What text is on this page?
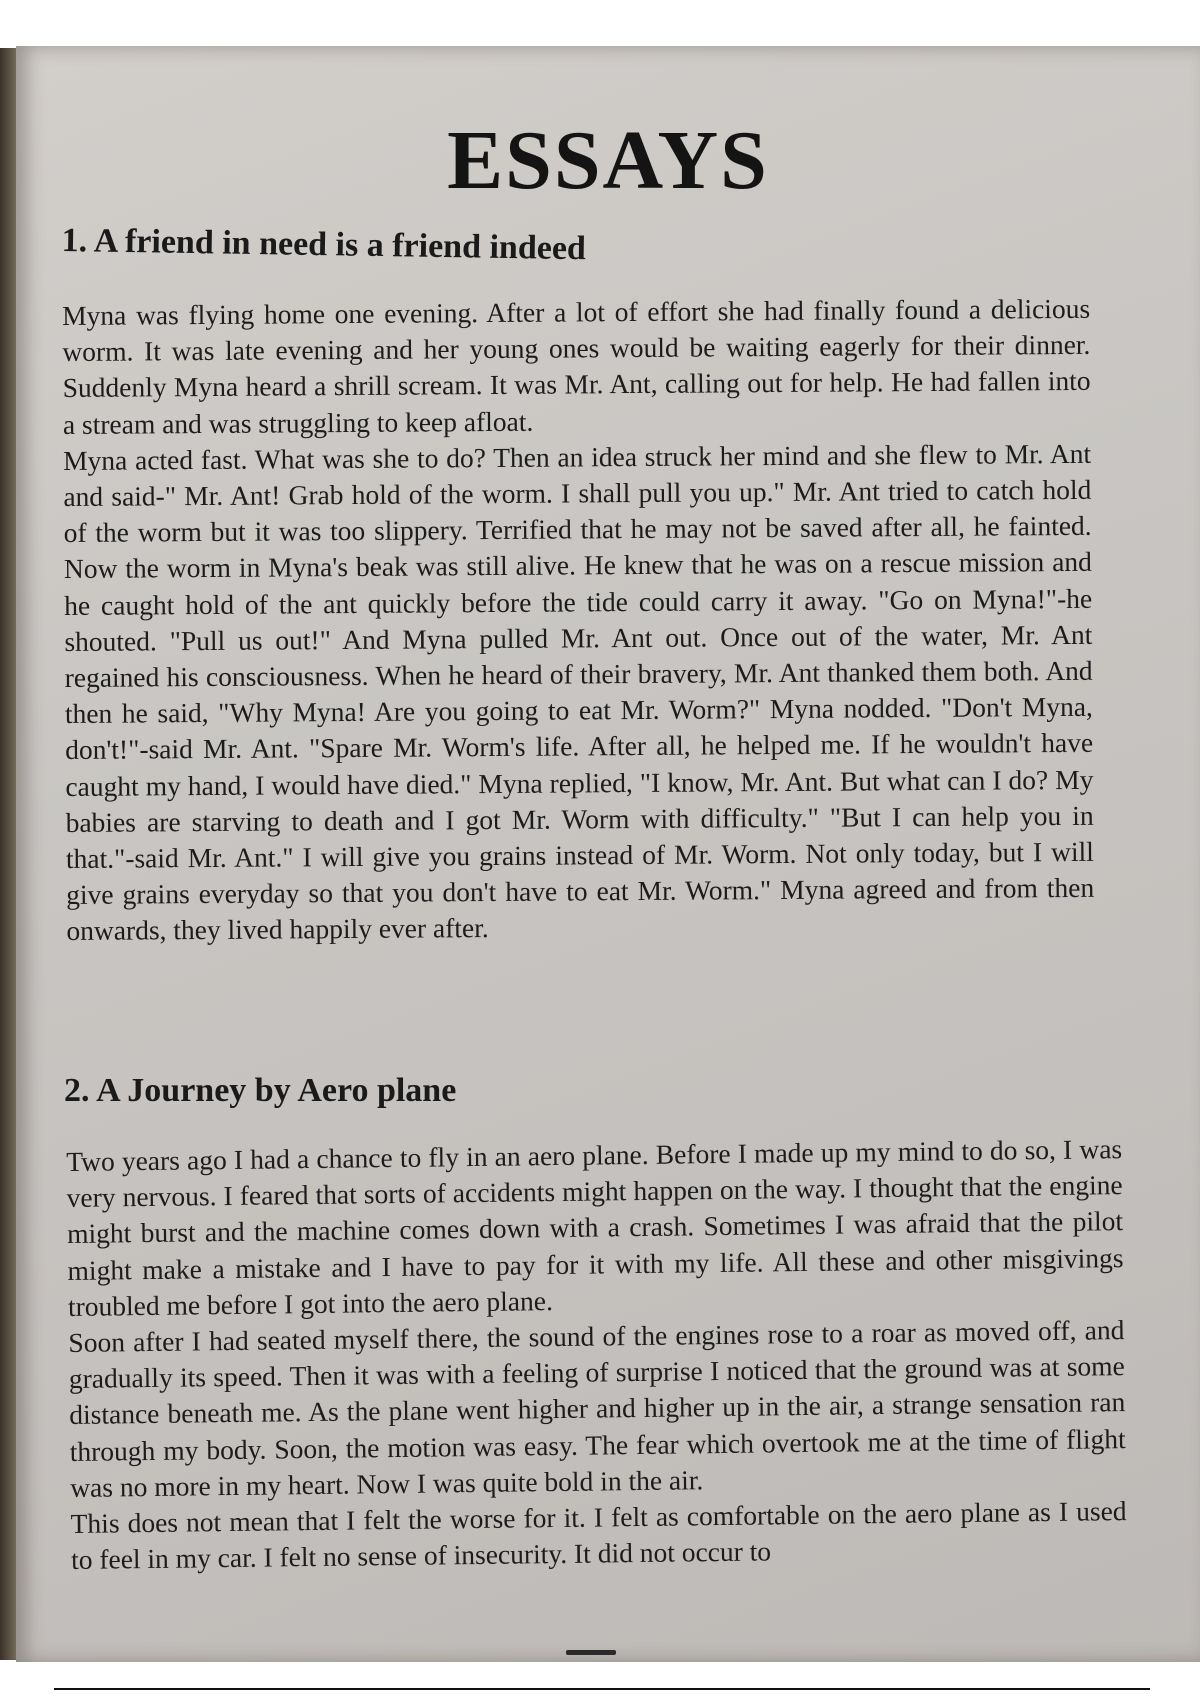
ESSAYS
1. A friend in need is a friend indeed
Myna was flying home one evening. After a lot of effort she had finally found a delicious worm. It was late evening and her young ones would be waiting eagerly for their dinner. Suddenly Myna heard a shrill scream. It was Mr. Ant, calling out for help. He had fallen into a stream and was struggling to keep afloat.
Myna acted fast. What was she to do? Then an idea struck her mind and she flew to Mr. Ant and said-" Mr. Ant! Grab hold of the worm. I shall pull you up." Mr. Ant tried to catch hold of the worm but it was too slippery. Terrified that he may not be saved after all, he fainted. Now the worm in Myna's beak was still alive. He knew that he was on a rescue mission and he caught hold of the ant quickly before the tide could carry it away. "Go on Myna!"-he shouted. "Pull us out!" And Myna pulled Mr. Ant out. Once out of the water, Mr. Ant regained his consciousness. When he heard of their bravery, Mr. Ant thanked them both. And then he said, "Why Myna! Are you going to eat Mr. Worm?" Myna nodded. "Don't Myna, don't!"-said Mr. Ant. "Spare Mr. Worm's life. After all, he helped me. If he wouldn't have caught my hand, I would have died." Myna replied, "I know, Mr. Ant. But what can I do? My babies are starving to death and I got Mr. Worm with difficulty." "But I can help you in that."-said Mr. Ant." I will give you grains instead of Mr. Worm. Not only today, but I will give grains everyday so that you don't have to eat Mr. Worm." Myna agreed and from then onwards, they lived happily ever after.
2. A Journey by Aero plane
Two years ago I had a chance to fly in an aero plane. Before I made up my mind to do so, I was very nervous. I feared that sorts of accidents might happen on the way. I thought that the engine might burst and the machine comes down with a crash. Sometimes I was afraid that the pilot might make a mistake and I have to pay for it with my life. All these and other misgivings troubled me before I got into the aero plane.
Soon after I had seated myself there, the sound of the engines rose to a roar as moved off, and gradually its speed. Then it was with a feeling of surprise I noticed that the ground was at some distance beneath me. As the plane went higher and higher up in the air, a strange sensation ran through my body. Soon, the motion was easy. The fear which overtook me at the time of flight was no more in my heart. Now I was quite bold in the air.
This does not mean that I felt the worse for it. I felt as comfortable on the aero plane as I used to feel in my car. I felt no sense of insecurity. It did not occur to
